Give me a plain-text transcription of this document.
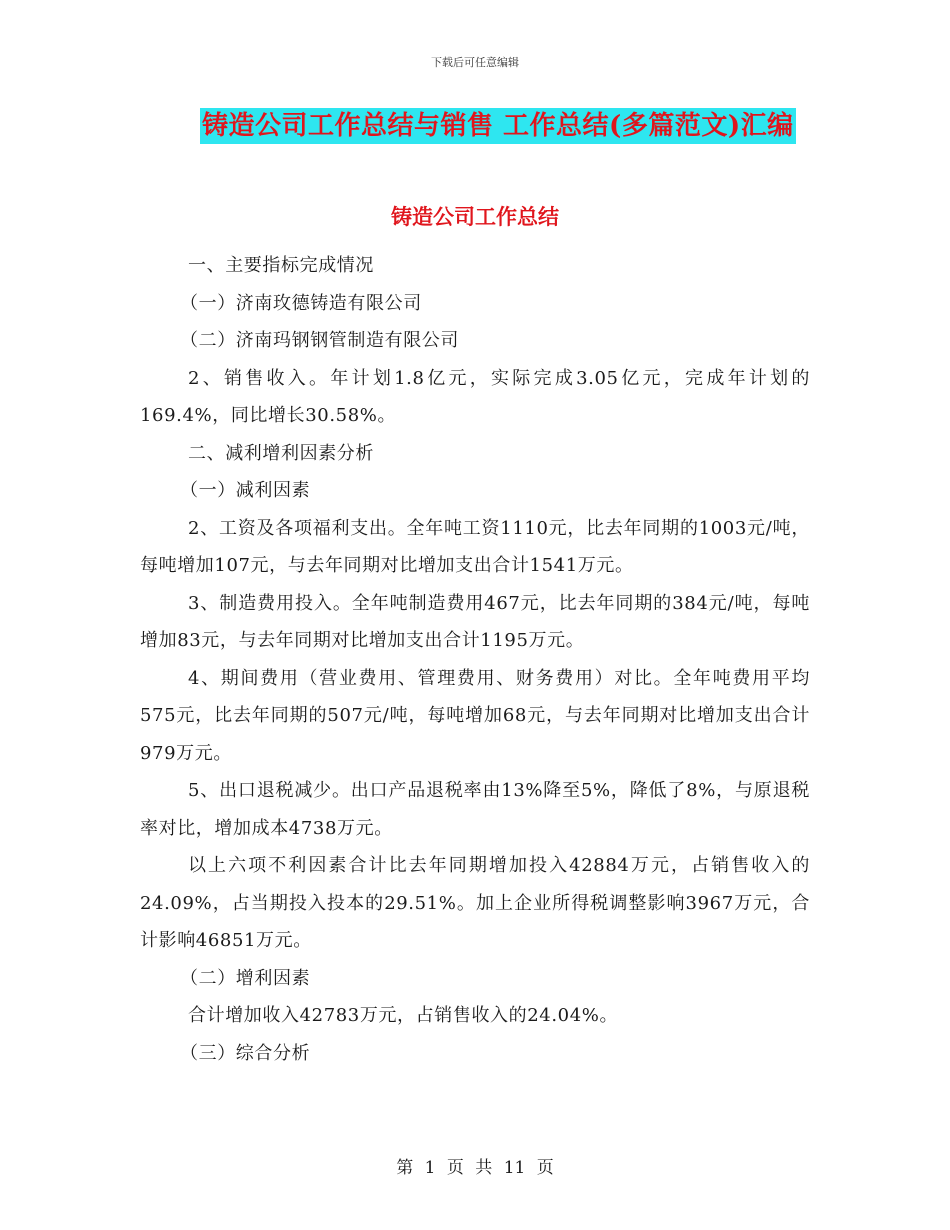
下载后可任意编辑
铸造公司工作总结与销售 工作总结(多篇范文)汇编
铸造公司工作总结

一、主要指标完成情况

（一）济南玫德铸造有限公司

（二）济南玛钢钢管制造有限公司

2、销售收入。年计划1.8亿元，实际完成3.05亿元，完成年计划的169.4%，同比增长30.58%。

二、减利增利因素分析

（一）减利因素

2、工资及各项福利支出。全年吨工资1110元，比去年同期的1003元/吨，每吨增加107元，与去年同期对比增加支出合计1541万元。

3、制造费用投入。全年吨制造费用467元，比去年同期的384元/吨，每吨增加83元，与去年同期对比增加支出合计1195万元。

4、期间费用（营业费用、管理费用、财务费用）对比。全年吨费用平均575元，比去年同期的507元/吨，每吨增加68元，与去年同期对比增加支出合计979万元。

5、出口退税减少。出口产品退税率由13%降至5%，降低了8%，与原退税率对比，增加成本4738万元。

以上六项不利因素合计比去年同期增加投入42884万元，占销售收入的24.09%，占当期投入投本的29.51%。加上企业所得税调整影响3967万元，合计影响46851万元。

（二）增利因素

合计增加收入42783万元，占销售收入的24.04%。

（三）综合分析

第 1 页 共 11 页
